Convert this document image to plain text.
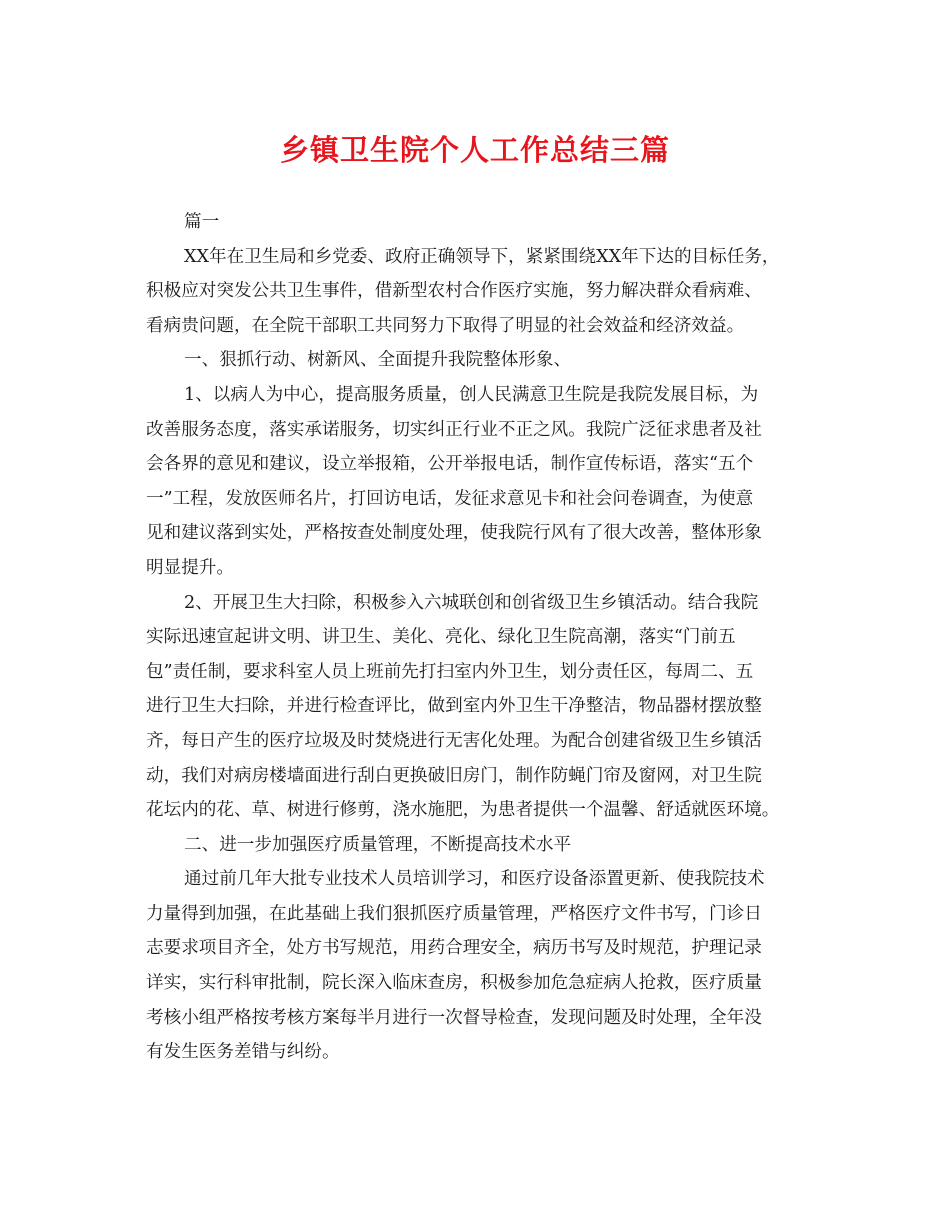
乡镇卫生院个人工作总结三篇
篇一
XX年在卫生局和乡党委、政府正确领导下，紧紧围绕XX年下达的目标任务，
积极应对突发公共卫生事件，借新型农村合作医疗实施，努力解决群众看病难、
看病贵问题，在全院干部职工共同努力下取得了明显的社会效益和经济效益。
一、狠抓行动、树新风、全面提升我院整体形象、
1、以病人为中心，提高服务质量，创人民满意卫生院是我院发展目标，为
改善服务态度，落实承诺服务，切实纠正行业不正之风。我院广泛征求患者及社
会各界的意见和建议，设立举报箱，公开举报电话，制作宣传标语，落实“五个
一”工程，发放医师名片，打回访电话，发征求意见卡和社会问卷调查，为使意
见和建议落到实处，严格按查处制度处理，使我院行风有了很大改善，整体形象
明显提升。
2、开展卫生大扫除，积极参入六城联创和创省级卫生乡镇活动。结合我院
实际迅速宣起讲文明、讲卫生、美化、亮化、绿化卫生院高潮，落实“门前五
包”责任制，要求科室人员上班前先打扫室内外卫生，划分责任区，每周二、五
进行卫生大扫除，并进行检查评比，做到室内外卫生干净整洁，物品器材摆放整
齐，每日产生的医疗垃圾及时焚烧进行无害化处理。为配合创建省级卫生乡镇活
动，我们对病房楼墙面进行刮白更换破旧房门，制作防蝇门帘及窗网，对卫生院
花坛内的花、草、树进行修剪，浇水施肥，为患者提供一个温馨、舒适就医环境。
二、进一步加强医疗质量管理，不断提高技术水平
通过前几年大批专业技术人员培训学习，和医疗设备添置更新、使我院技术
力量得到加强，在此基础上我们狠抓医疗质量管理，严格医疗文件书写，门诊日
志要求项目齐全，处方书写规范，用药合理安全，病历书写及时规范，护理记录
详实，实行科审批制，院长深入临床查房，积极参加危急症病人抢救，医疗质量
考核小组严格按考核方案每半月进行一次督导检查，发现问题及时处理，全年没
有发生医务差错与纠纷。
